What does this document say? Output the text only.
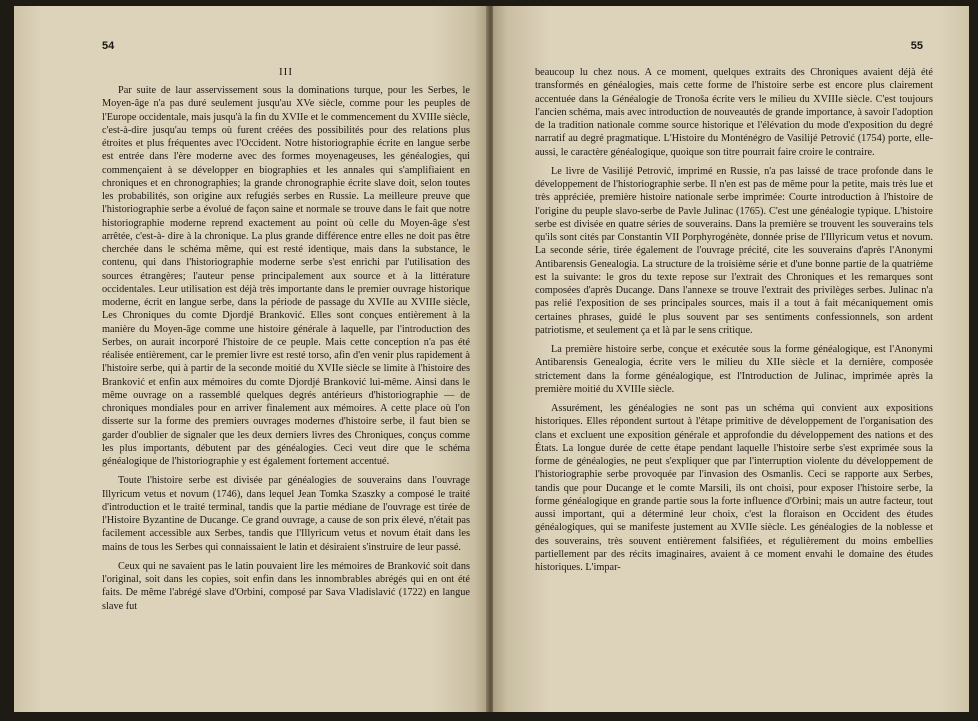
54
III

Par suite de laur asservissement sous la dominations turque, pour les Serbes, le Moyen-âge n'a pas duré seulement jusqu'au XVe siècle, comme pour les peuples de l'Europe occidentale, mais jusqu'à la fin du XVIIe et le commencement du XVIIIe siècle, c'est-à-dire jusqu'au temps où furent créées des possibilités pour des relations plus étroites et plus fréquentes avec l'Occident. Notre historiographie écrite en langue serbe est entrée dans l'ère moderne avec des formes moyenageuses, les généalogies, qui commençaient à se développer en biographies et les annales qui s'amplifiaient en chroniques et en chronographies; la grande chronographie écrite slave doit, selon toutes les probabilités, son origine aux refugiés serbes en Russie. La meilleure preuve que l'historiographie serbe a évolué de façon saine et normale se trouve dans le fait que notre historiographie moderne reprend exactement au point où celle du Moyen-âge s'est arrêtée, c'est-à- dire à la chronique. La plus grande différence entre elles ne doit pas être cherchée dans le schéma même, qui est resté identique, mais dans la substance, le contenu, qui dans l'historiographie moderne serbe s'est enrichi par l'utilisation des sources étrangères; l'auteur pense principalement aux source et à la littérature occidentales. Leur utilisation est déjà très importante dans le premier ouvrage historique moderne, écrit en langue serbe, dans la période de passage du XVIIe au XVIIIe siècle, Les Chroniques du comte Djordjé Branković. Elles sont conçues entièrement à la manière du Moyen-âge comme une histoire générale à laquelle, par l'introduction des Serbes, on aurait incorporé l'histoire de ce peuple. Mais cette conception n'a pas été réalisée entièrement, car le premier livre est resté torso, afin d'en venir plus rapidement à l'histoire serbe, qui à partir de la seconde moitié du XVIIe siècle se limite à l'histoire des Branković et enfin aux mémoires du comte Djordjé Branković lui-même. Ainsi dans le même ouvrage on a rassemblé quelques degrés antérieurs d'historiographie — de chroniques mondiales pour en arriver finalement aux mémoires. A cette place où l'on disserte sur la forme des premiers ouvrages modernes d'histoire serbe, il faut bien se garder d'oublier de signaler que les deux derniers livres des Chroniques, conçus comme les plus importants, débutent par des généalogies. Ceci veut dire que le schéma généalogique de l'historiographie y est également fortement accentué.

Toute l'histoire serbe est divisée par généalogies de souverains dans l'ouvrage Illyricum vetus et novum (1746), dans lequel Jean Tomka Szaszky a composé le traité d'introduction et le traité terminal, tandis que la partie médiane de l'ouvrage est tirée de l'Histoire Byzantine de Ducange. Ce grand ouvrage, a cause de son prix élevé, n'était pas facilement accessible aux Serbes, tandis que l'Illyricum vetus et novum était dans les mains de tous les Serbes qui connaissaient le latin et désiraient s'instruire de leur passé.

Ceux qui ne savaient pas le latin pouvaient lire les mémoires de Branković soit dans l'original, soit dans les copies, soit enfin dans les innombrables abrégés qui en ont été faits. De même l'abrégé slave d'Orbini, composé par Sava Vladislavić (1722) en langue slave fut

55

beaucoup lu chez nous. A ce moment, quelques extraits des Chroniques avaient déjà été transformés en généalogies, mais cette forme de l'histoire serbe est encore plus clairement accentuée dans la Généalogie de Tronoša écrite vers le milieu du XVIIIe siècle. C'est toujours l'ancien schéma, mais avec introduction de nouveautés de grande importance, à savoir l'adoption de la tradition nationale comme source historique et l'élévation du mode d'exposition du degré narratif au degré pragmatique. L'Histoire du Monténégro de Vasilijé Petrović (1754) porte, elle-aussi, le caractère généalogique, quoique son titre pourrait faire croire le contraire.

Le livre de Vasilijé Petrović, imprimé en Russie, n'a pas laissé de trace profonde dans le développement de l'historiographie serbe. Il n'en est pas de même pour la petite, mais très lue et très appréciée, première histoire nationale serbe imprimée: Courte introduction à l'histoire de l'origine du peuple slavo-serbe de Pavle Julinac (1765). C'est une généalogie typique. L'histoire serbe est divisée en quatre séries de souverains. Dans la première se trouvent les souverains tels qu'ils sont cités par Constantin VII Porphyrogénète, donnée prise de l'Illyricum vetus et novum. La seconde série, tirée également de l'ouvrage précité, cite les souverains d'après l'Anonymi Antibarensis Genealogia. La structure de la troisième série et d'une bonne partie de la quatrième est la suivante: le gros du texte repose sur l'extrait des Chroniques et les remarques sont composées d'après Ducange. Dans l'annexe se trouve l'extrait des privilèges serbes. Julinac n'a pas relié l'exposition de ses principales sources, mais il a tout à fait mécaniquement omis certaines phrases, guidé le plus souvent par ses sentiments confessionnels, son ardent patriotisme, et seulement ça et là par le sens critique.

La première histoire serbe, conçue et exécutée sous la forme généalogique, est l'Anonymi Antibarensis Genealogia, écrite vers le milieu du XIIe siècle et la dernière, composée strictement dans la forme généalogique, est l'Introduction de Julinac, imprimée après la première moitié du XVIIIe siècle.

Assurément, les généalogies ne sont pas un schéma qui convient aux expositions historiques. Elles répondent surtout à l'étape primitive de développement de l'organisation des clans et excluent une exposition générale et approfondie du développement des nations et des États. La longue durée de cette étape pendant laquelle l'histoire serbe s'est exprimée sous la forme de généalogies, ne peut s'expliquer que par l'interruption violente du développement de l'historiographie serbe provoquée par l'invasion des Osmanlis. Ceci se rapporte aux Serbes, tandis que pour Ducange et le comte Marsili, ils ont choisi, pour exposer l'histoire serbe, la forme généalogique en grande partie sous la forte influence d'Orbini; mais un autre facteur, tout aussi important, qui a déterminé leur choix, c'est la floraison en Occident des études généalogiques, qui se manifeste justement au XVIIe siècle. Les généalogies de la noblesse et des souverains, très souvent entièrement falsifiées, et régulièrement du moins embellies partiellement par des récits imaginaires, avaient à ce moment envahi le domaine des études historiques. L'impar-
